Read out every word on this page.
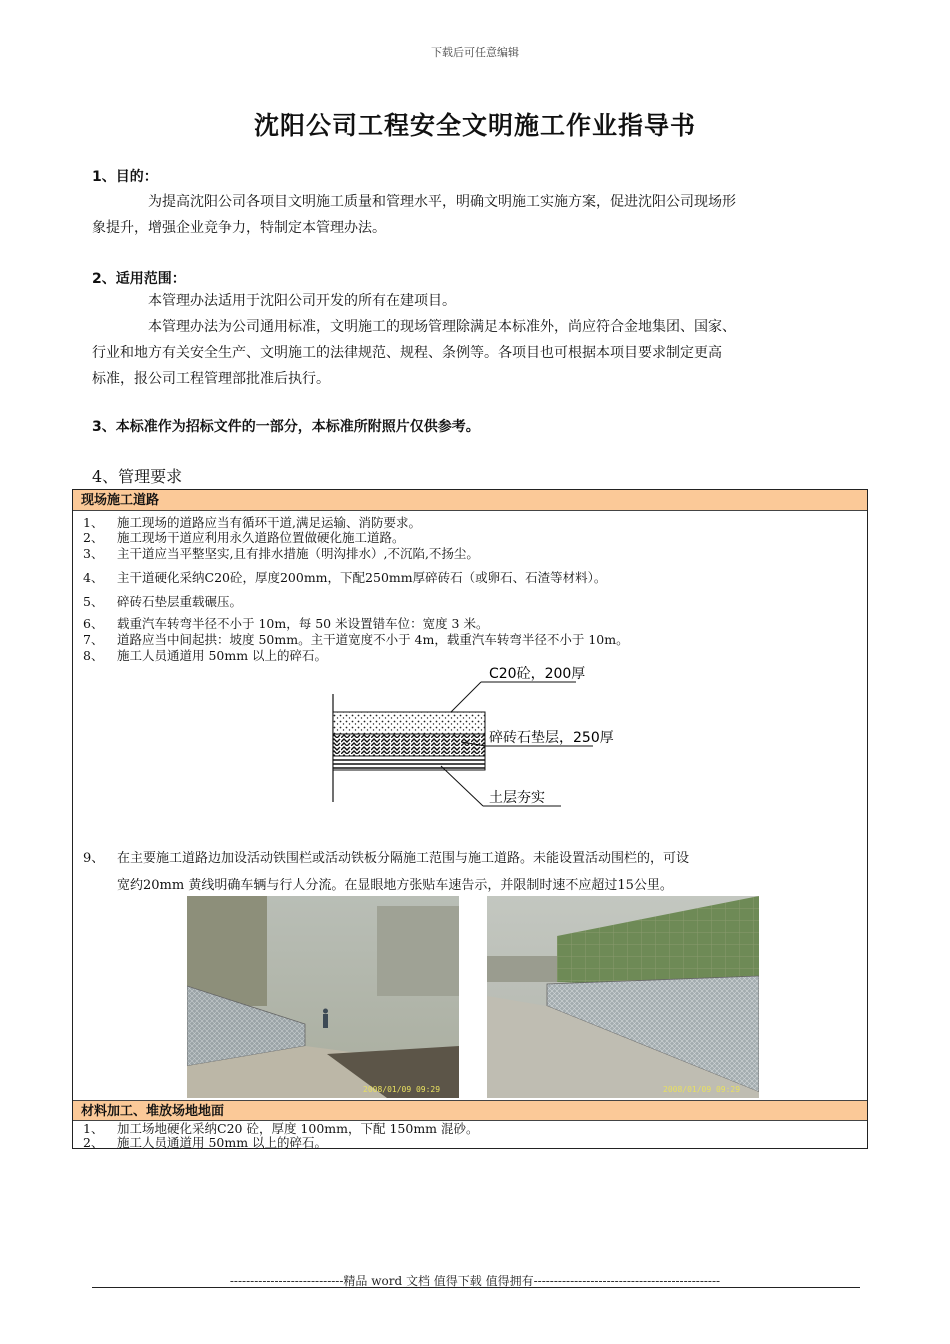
下载后可任意编辑
沈阳公司工程安全文明施工作业指导书
1、目的：
为提高沈阳公司各项目文明施工质量和管理水平，明确文明施工实施方案，促进沈阳公司现场形
象提升，增强企业竞争力，特制定本管理办法。
2、适用范围：
本管理办法适用于沈阳公司开发的所有在建项目。
本管理办法为公司通用标准，文明施工的现场管理除满足本标准外，尚应符合金地集团、国家、
行业和地方有关安全生产、文明施工的法律规范、规程、条例等。各项目也可根据本项目要求制定更高
标准，报公司工程管理部批准后执行。
3、本标准作为招标文件的一部分，本标准所附照片仅供参考。
4、管理要求
现场施工道路
1、 施工现场的道路应当有循环干道,满足运输、消防要求。
2、 施工现场干道应利用永久道路位置做硬化施工道路。
3、 主干道应当平整坚实,且有排水措施（明沟排水）,不沉陷,不扬尘。
4、 主干道硬化采纳C20砼，厚度200mm，下配250mm厚碎砖石（或卵石、石渣等材料）。
5、 碎砖石垫层重载碾压。
6、 载重汽车转弯半径不小于 10m，每 50 米设置错车位：宽度 3 米。
7、 道路应当中间起拱：坡度 50mm。主干道宽度不小于 4m，载重汽车转弯半径不小于 10m。
8、 施工人员通道用 50mm 以上的碎石。
C20砼，200厚
碎砖石垫层，250厚
土层夯实
9、 在主要施工道路边加设活动铁围栏或活动铁板分隔施工范围与施工道路。未能设置活动围栏的，可设
宽约20mm 黄线明确车辆与行人分流。在显眼地方张贴车速告示，并限制时速不应超过15公里。
2008/01/09 09:29	2008/01/09 09:29
材料加工、堆放场地地面
1、 加工场地硬化采纳C20 砼，厚度 100mm，下配 150mm 混砂。
2、 施工人员通道用 50mm 以上的碎石。
----------------------------精品 word 文档 值得下载 值得拥有----------------------------------------------
